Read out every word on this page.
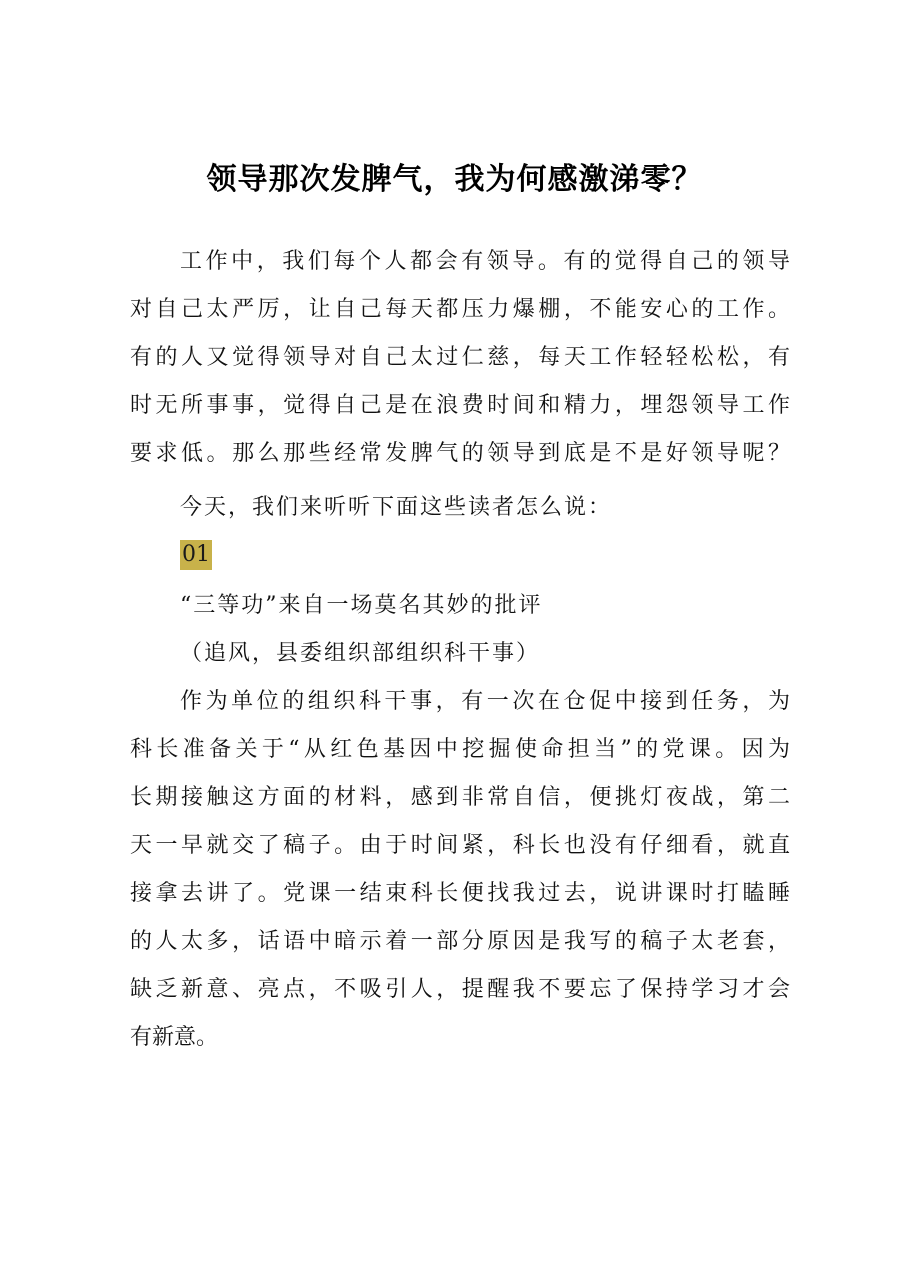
领导那次发脾气，我为何感激涕零？
工作中，我们每个人都会有领导。有的觉得自己的领导
对自己太严厉，让自己每天都压力爆棚，不能安心的工作。
有的人又觉得领导对自己太过仁慈，每天工作轻轻松松，有
时无所事事，觉得自己是在浪费时间和精力，埋怨领导工作
要求低。那么那些经常发脾气的领导到底是不是好领导呢？
今天，我们来听听下面这些读者怎么说：
01
“三等功”来自一场莫名其妙的批评
（追风，县委组织部组织科干事）
作为单位的组织科干事，有一次在仓促中接到任务，为
科长准备关于“从红色基因中挖掘使命担当”的党课。因为
长期接触这方面的材料，感到非常自信，便挑灯夜战，第二
天一早就交了稿子。由于时间紧，科长也没有仔细看，就直
接拿去讲了。党课一结束科长便找我过去，说讲课时打瞌睡
的人太多，话语中暗示着一部分原因是我写的稿子太老套，
缺乏新意、亮点，不吸引人，提醒我不要忘了保持学习才会
有新意。
